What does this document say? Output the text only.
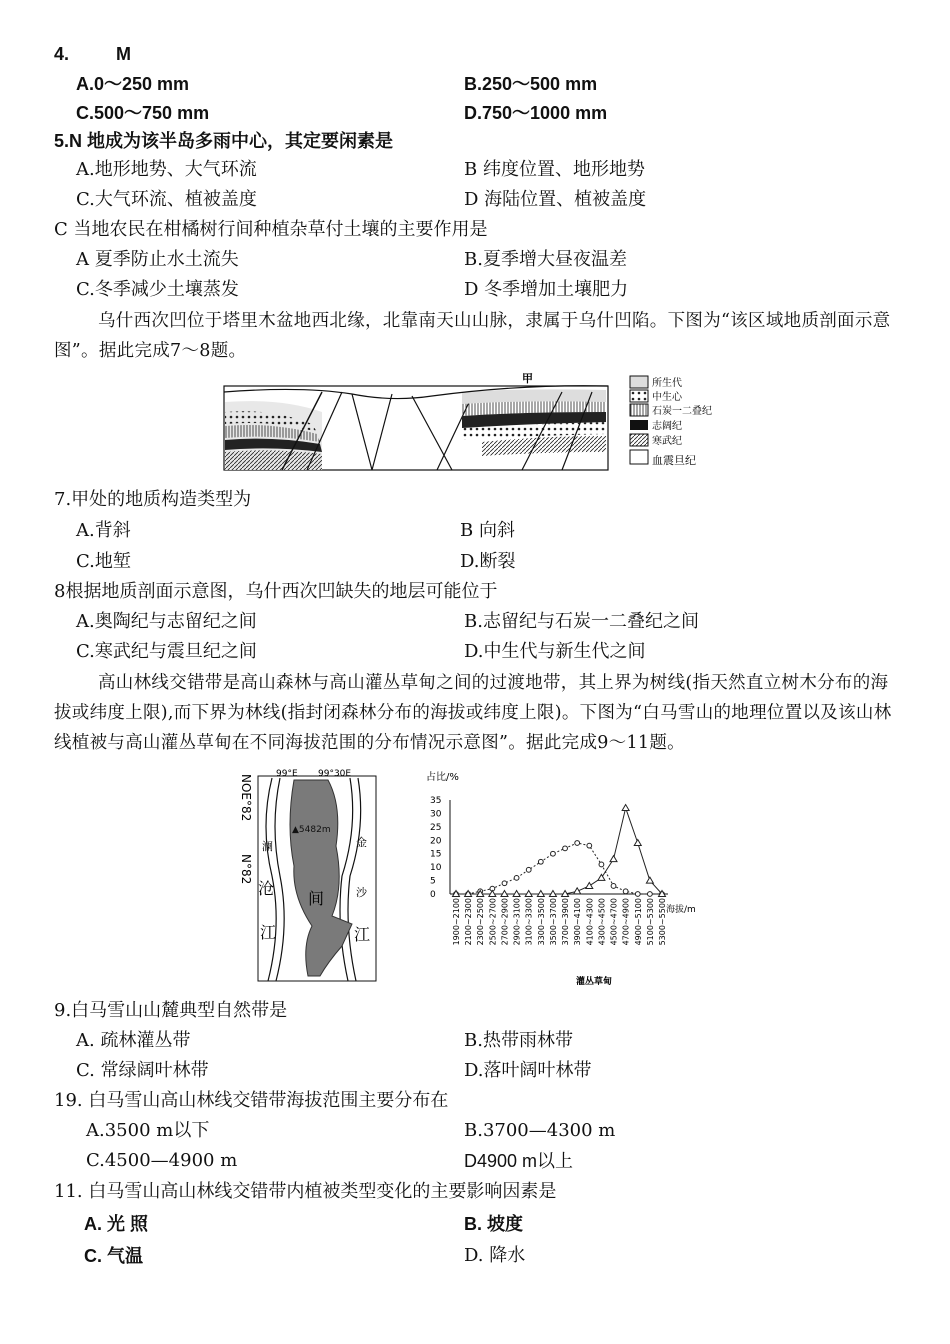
4.	M
A.0～250 mm	B.250～500 mm
C.500～750 mm	D.750～1000 mm
5.N 地成为该半岛多雨中心，其定要闲素是
A.地形地势、大气环流	B 纬度位置、地形地势
C.大气环流、植被盖度	D 海陆位置、植被盖度
C 当地农民在柑橘树行间种植杂草付土壤的主要作用是
A 夏季防止水土流失	B.夏季增大昼夜温差
C.冬季减少土壤蒸发	D 冬季增加土壤肥力
乌什西次凹位于塔里木盆地西北缘，北靠南天山山脉，隶属于乌什凹陷。下图为“该区域地质剖面示意图”。据此完成7～8题。
甲	所生代
中生心
石炭一二叠纪
志阔纪
寒武纪
血震旦纪
7.甲处的地质构造类型为
A.背斜	B 向斜
C.地堑	D.断裂
8根据地质剖面示意图，乌什西次凹缺失的地层可能位于
A.奥陶纪与志留纪之间	B.志留纪与石炭一二叠纪之间
C.寒武纪与震旦纪之间	D.中生代与新生代之间
高山林线交错带是高山森林与高山灌丛草甸之间的过渡地带，其上界为树线(指天然直立树木分布的海拔或纬度上限),而下界为林线(指封闭森林分布的海拔或纬度上限)。下图为“白马雪山的地理位置以及该山林线植被与高山灌丛草甸在不同海拔范围的分布情况示意图”。据此完成9～11题。
99°E 99°30E
NOE°82
N°82
▲5482m
澜
沧
江
金
沙
江
间
占比/%
35
30
25
20
15
10
5
0
1900~2100 2100~2300 2300~2500 2500~2700 2700~2900 2900~3100 3100~3300 3300~3500 3500~3700 3700~3900 3900~4100 4100~4300 4300~4500 4500~4700 4700~4900 4900~5100 5100~5300 5300~5500 海拔/m
灌丛草甸
9.白马雪山山麓典型自然带是
A. 疏林灌丛带	B.热带雨林带
C. 常绿阔叶林带	D.落叶阔叶林带
19. 白马雪山高山林线交错带海拔范围主要分布在
A.3500 m以下	B.3700—4300 m
C.4500—4900 m	D4900 m以上
11. 白马雪山高山林线交错带内植被类型变化的主要影响因素是
A. 光 照	B. 坡度
C. 气温	D. 降水
